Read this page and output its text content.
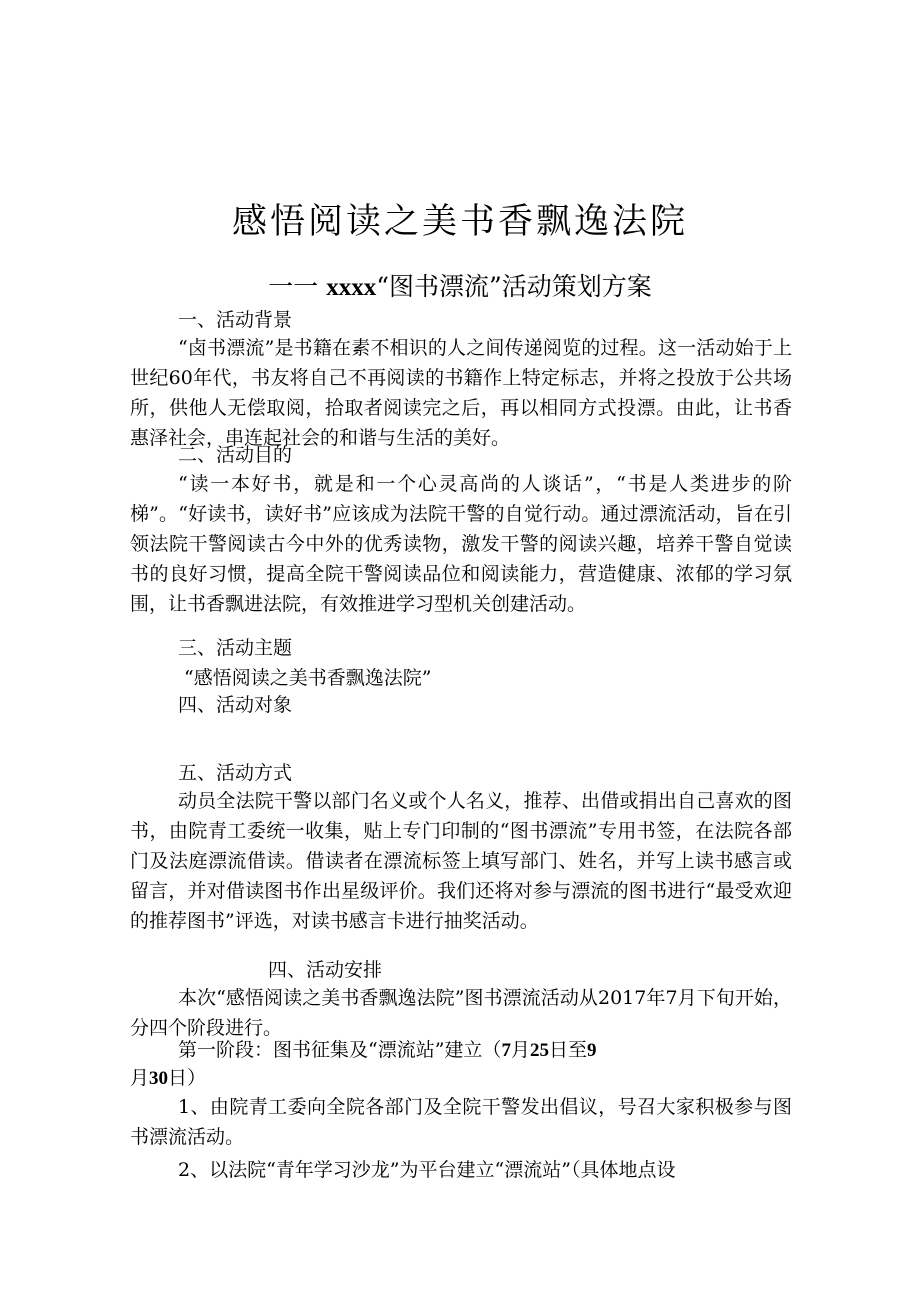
感悟阅读之美书香飘逸法院
一一 xxxx“图书漂流”活动策划方案
一、活动背景
“卤书漂流”是书籍在素不相识的人之间传递阅览的过程。这一活动始于上世纪60年代，书友将自己不再阅读的书籍作上特定标志，并将之投放于公共场所，供他人无偿取阅，拾取者阅读完之后，再以相同方式投漂。由此，让书香惠泽社会，串连起社会的和谐与生活的美好。
二、活动目的
“读一本好书，就是和一个心灵高尚的人谈话”，“书是人类进步的阶梯”。“好读书，读好书”应该成为法院干警的自觉行动。通过漂流活动，旨在引领法院干警阅读古今中外的优秀读物，激发干警的阅读兴趣，培养干警自觉读书的良好习惯，提高全院干警阅读品位和阅读能力，营造健康、浓郁的学习氛围，让书香飘进法院，有效推进学习型机关创建活动。
三、活动主题
“感悟阅读之美书香飘逸法院”
四、活动对象
五、活动方式
动员全法院干警以部门名义或个人名义，推荐、出借或捐出自己喜欢的图书，由院青工委统一收集，贴上专门印制的“图书漂流”专用书签，在法院各部门及法庭漂流借读。借读者在漂流标签上填写部门、姓名，并写上读书感言或留言，并对借读图书作出星级评价。我们还将对参与漂流的图书进行“最受欢迎的推荐图书”评选，对读书感言卡进行抽奖活动。
四、活动安排
本次“感悟阅读之美书香飘逸法院”图书漂流活动从2017年7月下旬开始，分四个阶段进行。
第一阶段：图书征集及“漂流站”建立（7月25日至9
月30日）
1、由院青工委向全院各部门及全院干警发出倡议，号召大家积极参与图书漂流活动。
2、以法院“青年学习沙龙”为平台建立“漂流站”（具体地点设
